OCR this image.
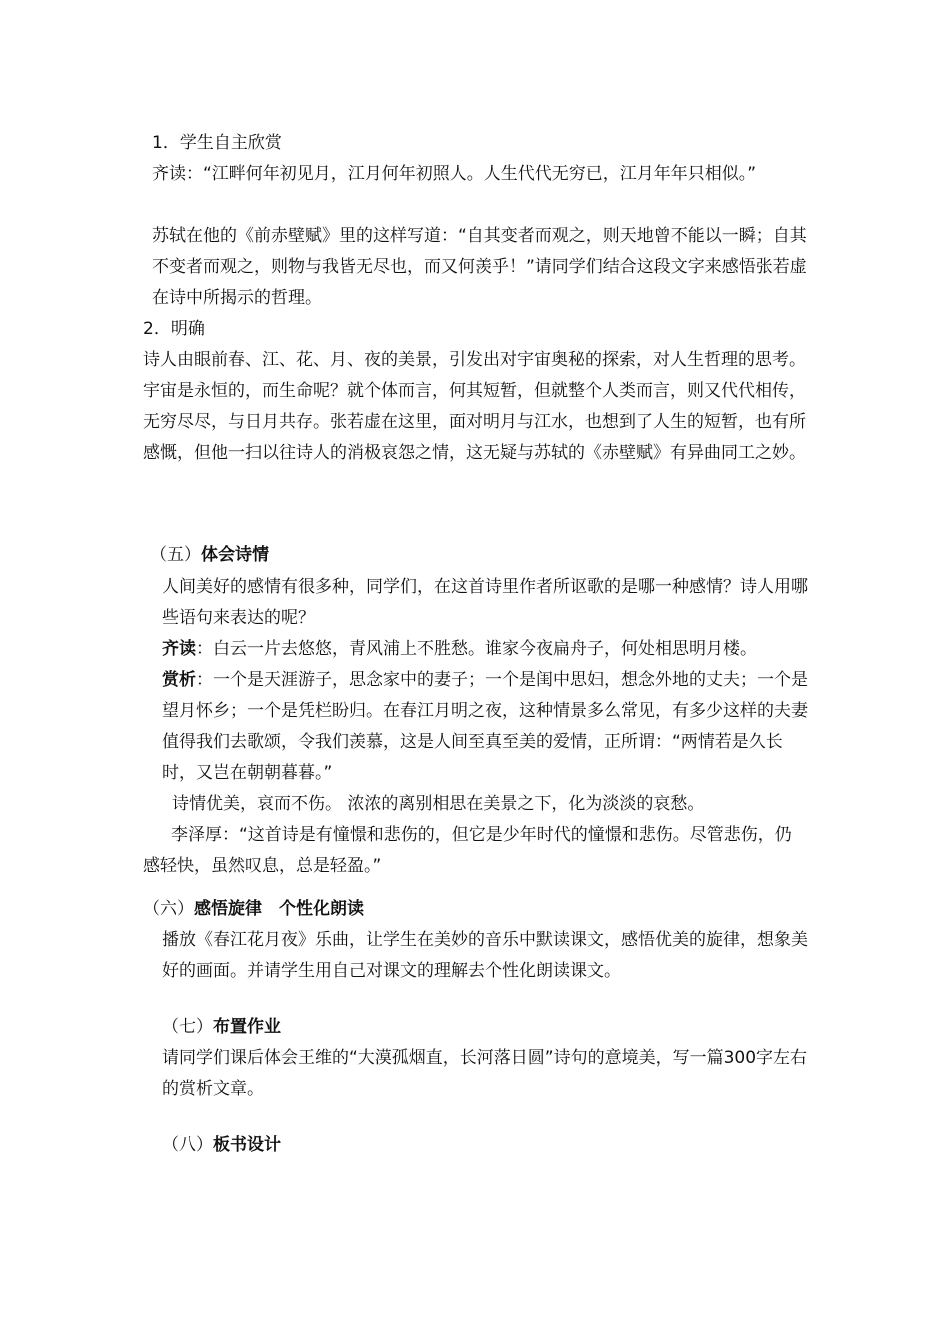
1．学生自主欣赏

齐读：“江畔何年初见月，江月何年初照人。人生代代无穷已，江月年年只相似。”

苏轼在他的《前赤壁赋》里的这样写道：“自其变者而观之，则天地曾不能以一瞬；自其不变者而观之，则物与我皆无尽也，而又何羡乎！”请同学们结合这段文字来感悟张若虚在诗中所揭示的哲理。

2．明确

诗人由眼前春、江、花、月、夜的美景，引发出对宇宙奥秘的探索，对人生哲理的思考。宇宙是永恒的，而生命呢？就个体而言，何其短暂，但就整个人类而言，则又代代相传，无穷尽尽，与日月共存。张若虚在这里，面对明月与江水，也想到了人生的短暂，也有所感慨，但他一扫以往诗人的消极哀怨之情，这无疑与苏轼的《赤壁赋》有异曲同工之妙。

（五）体会诗情

人间美好的感情有很多种，同学们，在这首诗里作者所讴歌的是哪一种感情？诗人用哪些语句来表达的呢？

齐读：白云一片去悠悠，青风浦上不胜愁。谁家今夜扁舟子，何处相思明月楼。

赏析：一个是天涯游子，思念家中的妻子；一个是闺中思妇，想念外地的丈夫；一个是望月怀乡；一个是凭栏盼归。在春江月明之夜，这种情景多么常见，有多少这样的夫妻值得我们去歌颂，令我们羡慕，这是人间至真至美的爱情，正所谓：“两情若是久长时，又岂在朝朝暮暮。”

诗情优美，哀而不伤。 浓浓的离别相思在美景之下，化为淡淡的哀愁。

李泽厚：“这首诗是有憧憬和悲伤的，但它是少年时代的憧憬和悲伤。尽管悲伤，仍感轻快，虽然叹息，总是轻盈。”

（六）感悟旋律　个性化朗读

播放《春江花月夜》乐曲，让学生在美妙的音乐中默读课文，感悟优美的旋律，想象美好的画面。并请学生用自己对课文的理解去个性化朗读课文。

（七）布置作业

请同学们课后体会王维的“大漠孤烟直，长河落日圆”诗句的意境美，写一篇300字左右的赏析文章。

（八）板书设计
